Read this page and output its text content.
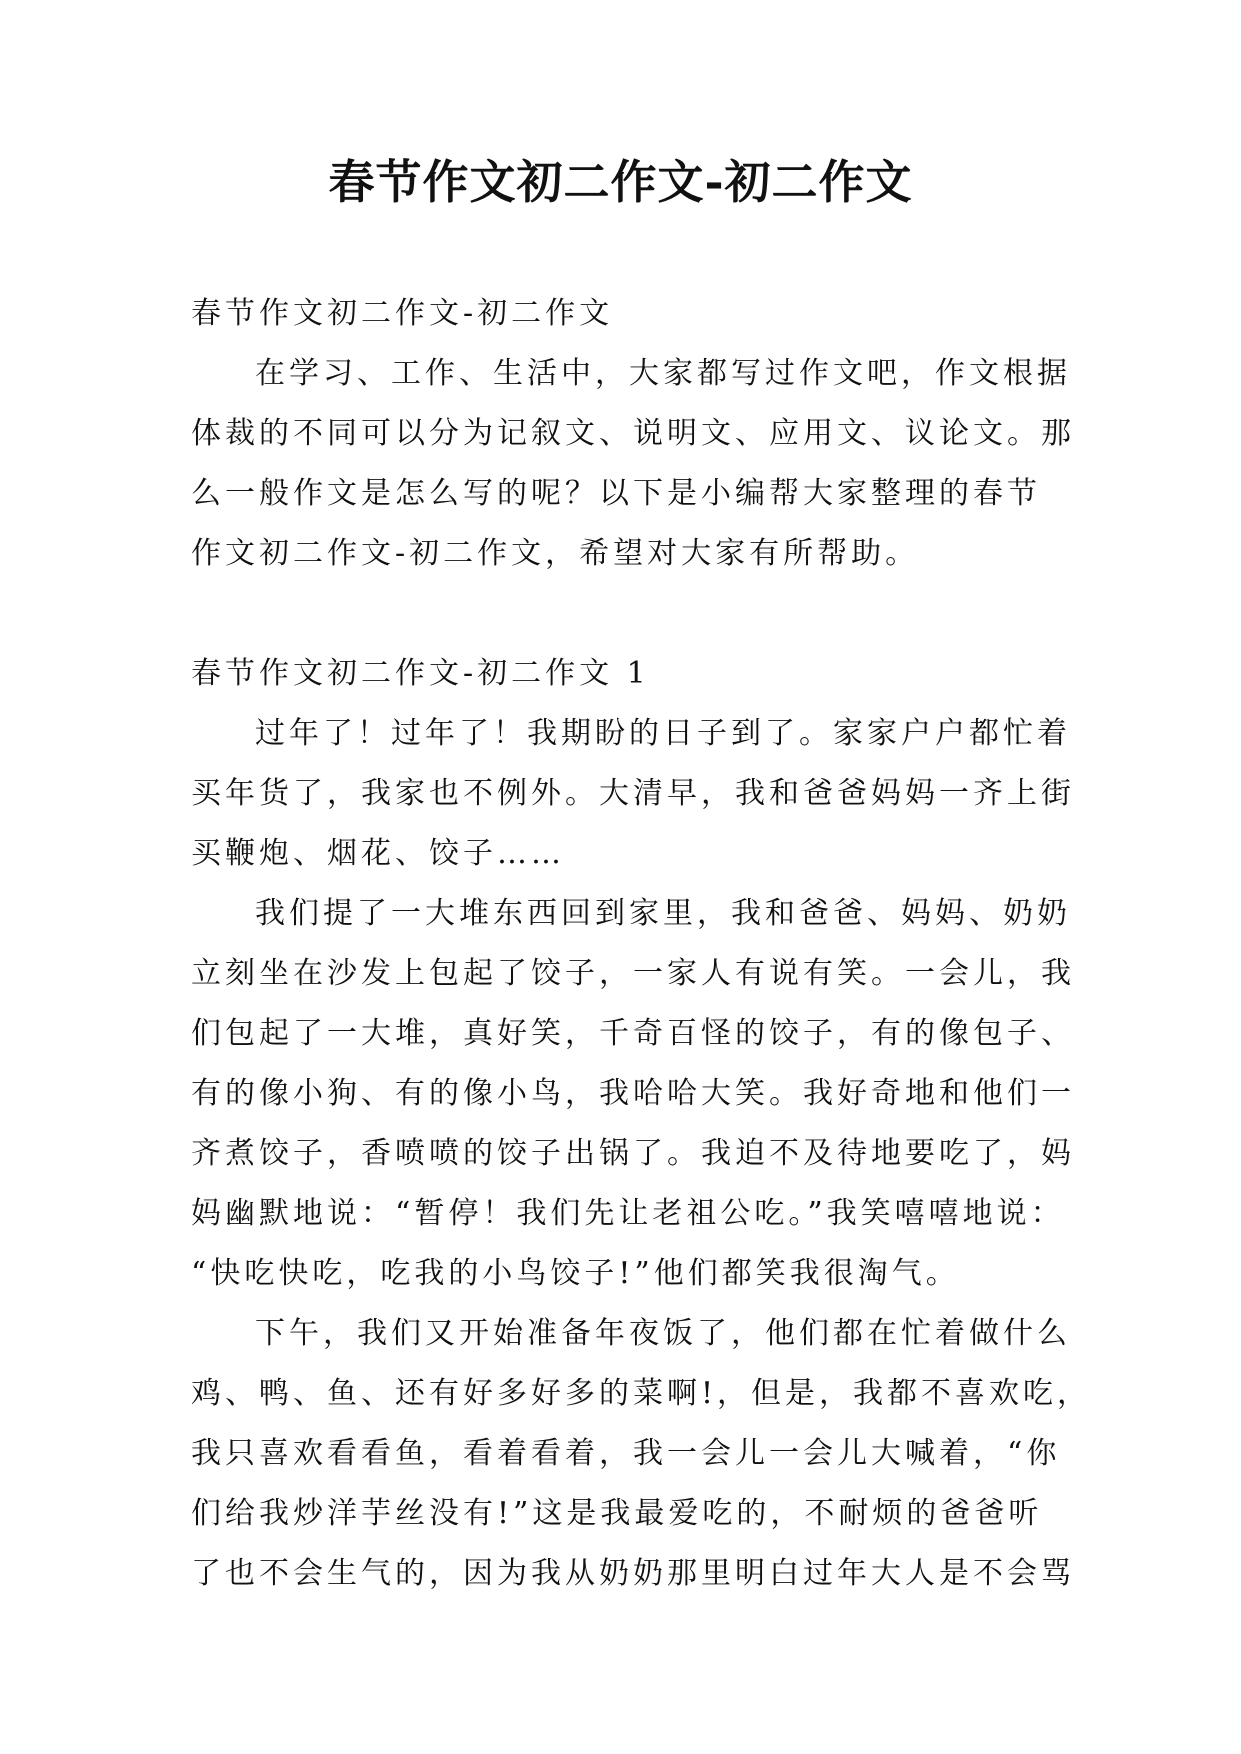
春节作文初二作文-初二作文
春节作文初二作文-初二作文
在学习、工作、生活中，大家都写过作文吧，作文根据
体裁的不同可以分为记叙文、说明文、应用文、议论文。那
么一般作文是怎么写的呢？以下是小编帮大家整理的春节
作文初二作文-初二作文，希望对大家有所帮助。
春节作文初二作文-初二作文 1
过年了！过年了！我期盼的日子到了。家家户户都忙着
买年货了，我家也不例外。大清早，我和爸爸妈妈一齐上街
买鞭炮、烟花、饺子……
我们提了一大堆东西回到家里，我和爸爸、妈妈、奶奶
立刻坐在沙发上包起了饺子，一家人有说有笑。一会儿，我
们包起了一大堆，真好笑，千奇百怪的饺子，有的像包子、
有的像小狗、有的像小鸟，我哈哈大笑。我好奇地和他们一
齐煮饺子，香喷喷的饺子出锅了。我迫不及待地要吃了，妈
妈幽默地说：“暂停！我们先让老祖公吃。”我笑嘻嘻地说：
“快吃快吃，吃我的小鸟饺子!”他们都笑我很淘气。
下午，我们又开始准备年夜饭了，他们都在忙着做什么
鸡、鸭、鱼、还有好多好多的菜啊!，但是，我都不喜欢吃，
我只喜欢看看鱼，看着看着，我一会儿一会儿大喊着，“你
们给我炒洋芋丝没有!”这是我最爱吃的，不耐烦的爸爸听
了也不会生气的，因为我从奶奶那里明白过年大人是不会骂
